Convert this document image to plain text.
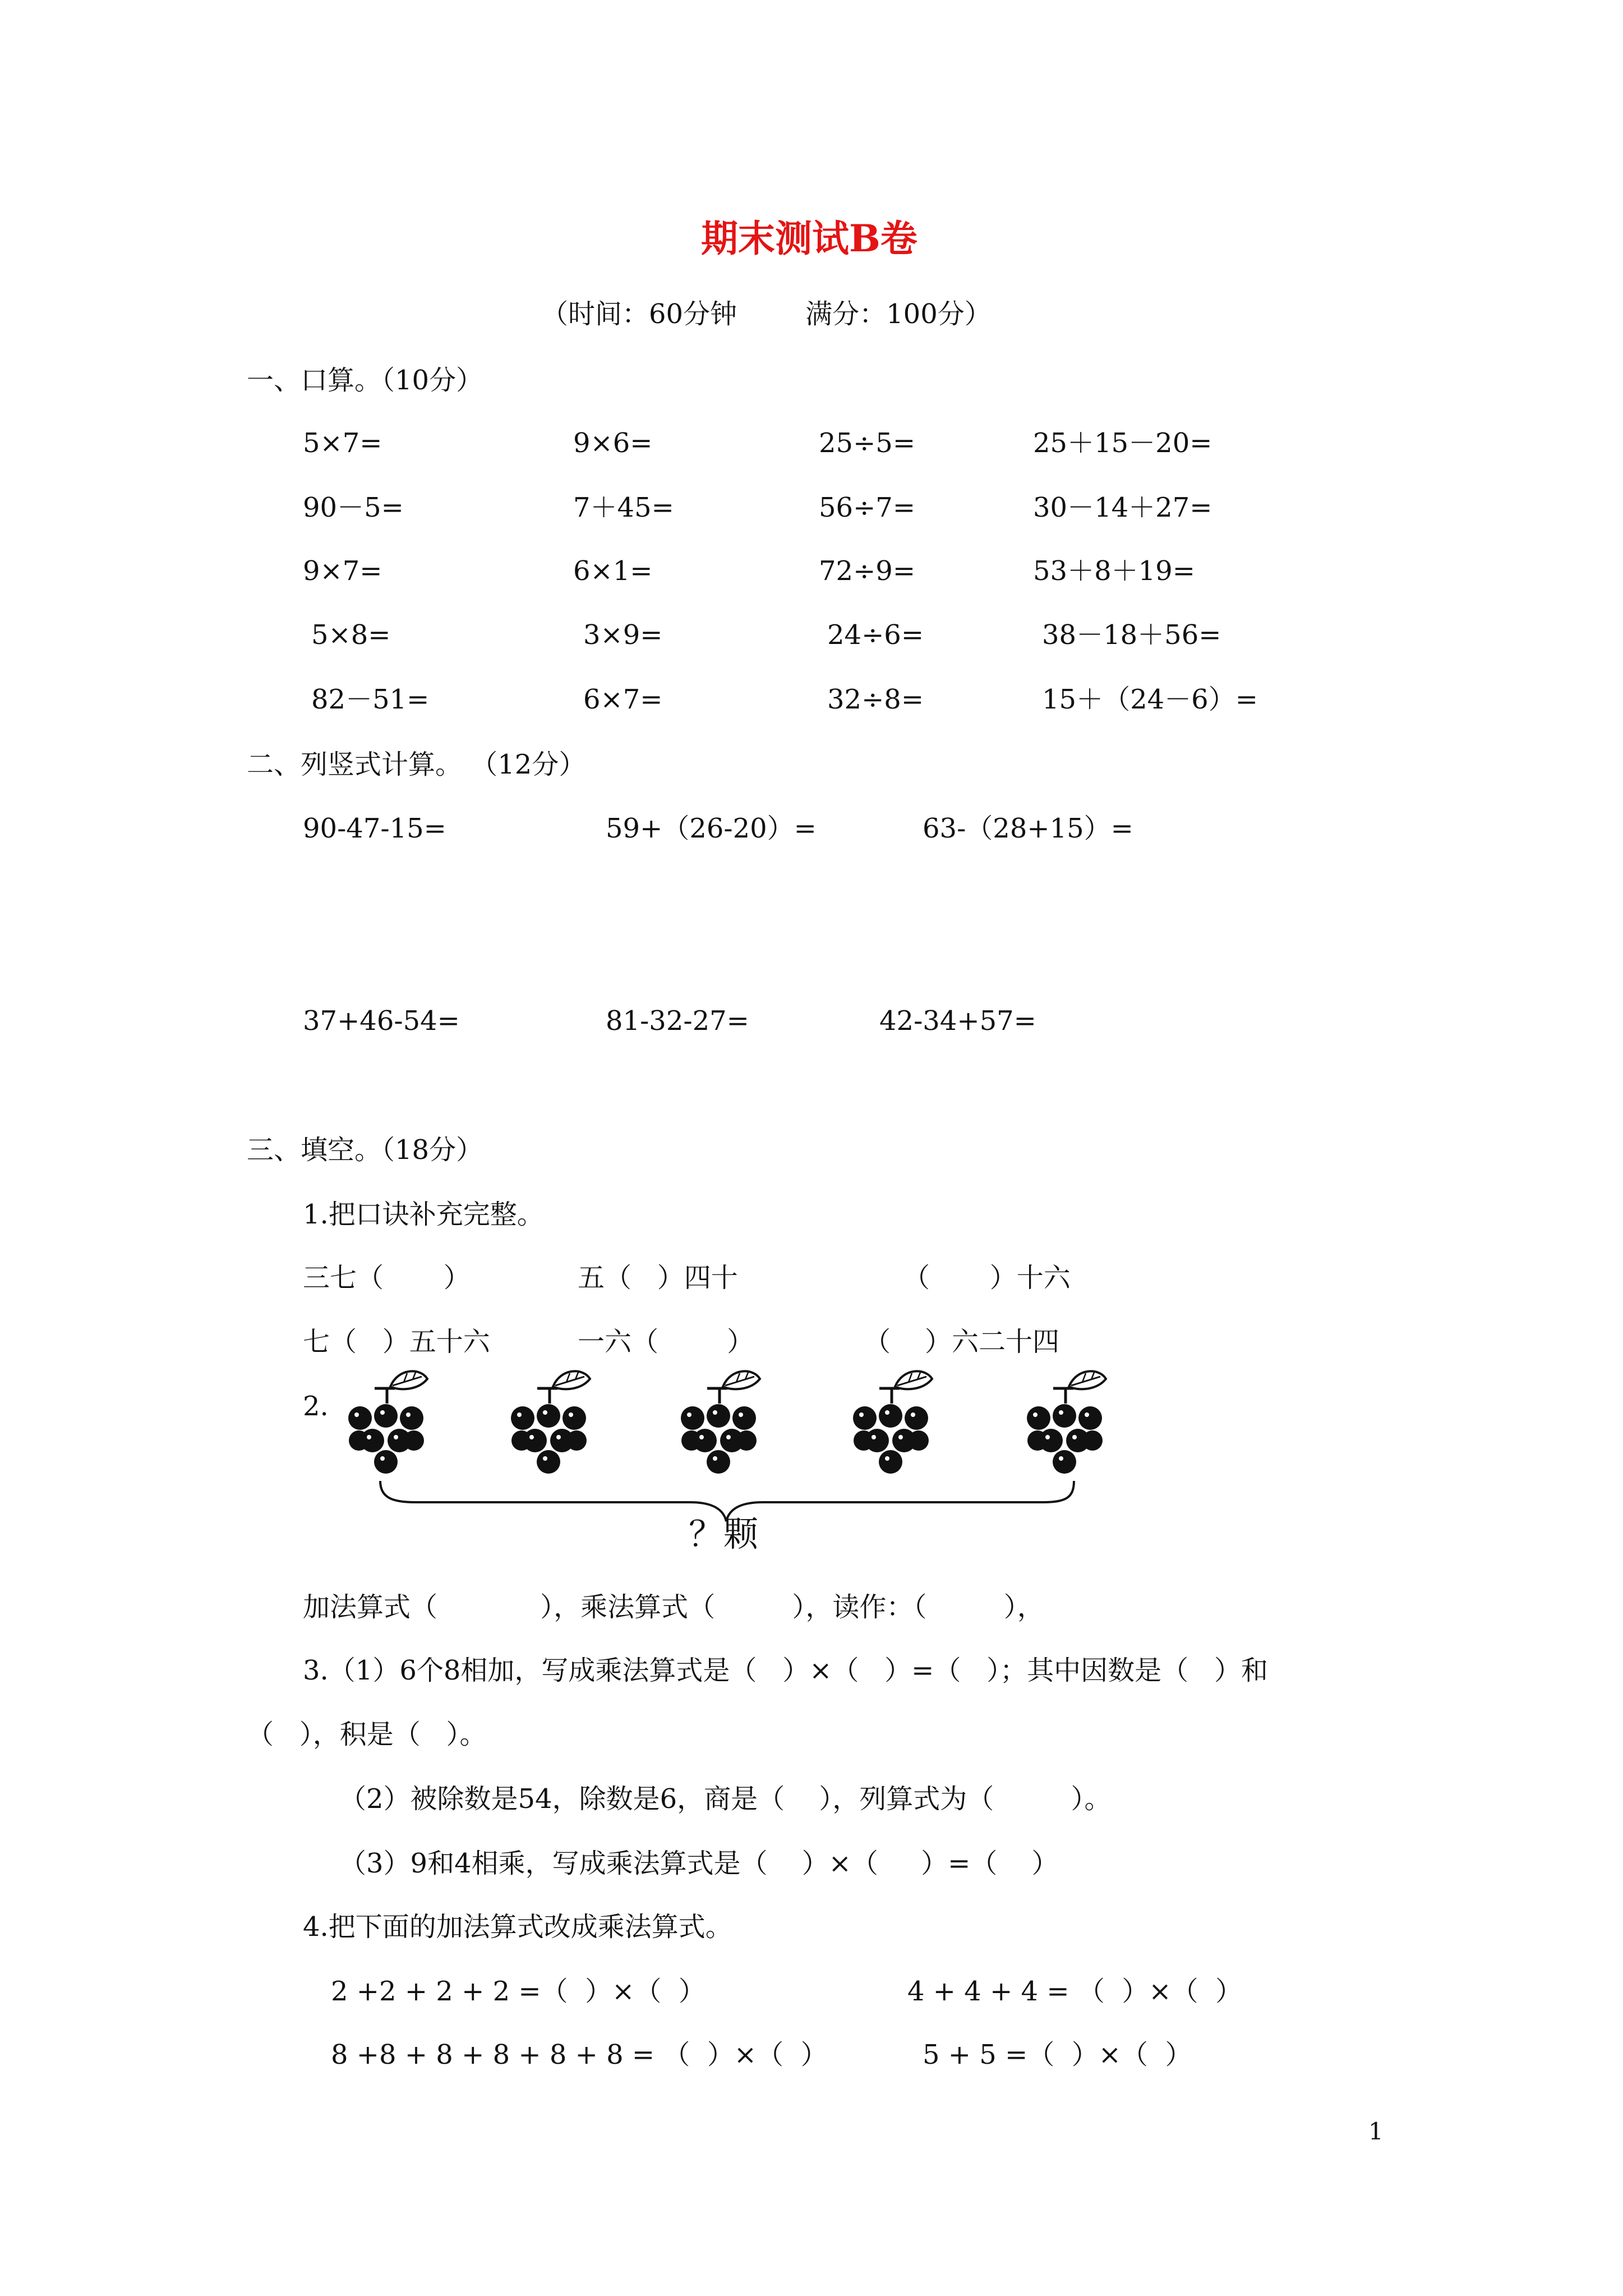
期末测试B卷
（时间：60分钟        满分：100分）
一、口算。（10分）
5×7=	9×6=	25÷5=	25＋15－20=
90－5=	7＋45=	56÷7=	30－14＋27=
9×7=	6×1=	72÷9=	53＋8＋19=
5×8=	3×9=	24÷6=	38－18＋56=
82－51=	6×7=	32÷8=	15＋（24－6）=
二、列竖式计算。 （12分）
90-47-15=	59+（26-20）=	63-（28+15）=
37+46-54=	81-32-27=	42-34+57=
三、填空。（18分）
1.把口诀补充完整。
三七（       ）	五（   ）四十	（       ）十六
七（   ）五十六	一六（        ）	（    ）六二十四
2.
？颗
加法算式（            ），乘法算式（         ），读作：（         ），
3.（1）6个8相加，写成乘法算式是（   ）×（   ）=（   ）；其中因数是（   ）和
（   ），积是（   ）。
（2）被除数是54，除数是6，商是（    ），列算式为（         ）。
（3）9和4相乘，写成乘法算式是（    ）×（     ）=（    ）
4.把下面的加法算式改成乘法算式。
2 +2 + 2 + 2 =（  ）×（  ）	4 + 4 + 4 = （  ）×（  ）
8 +8 + 8 + 8 + 8 + 8 = （  ）×（  ）	5 + 5 =（  ）×（  ）
1
